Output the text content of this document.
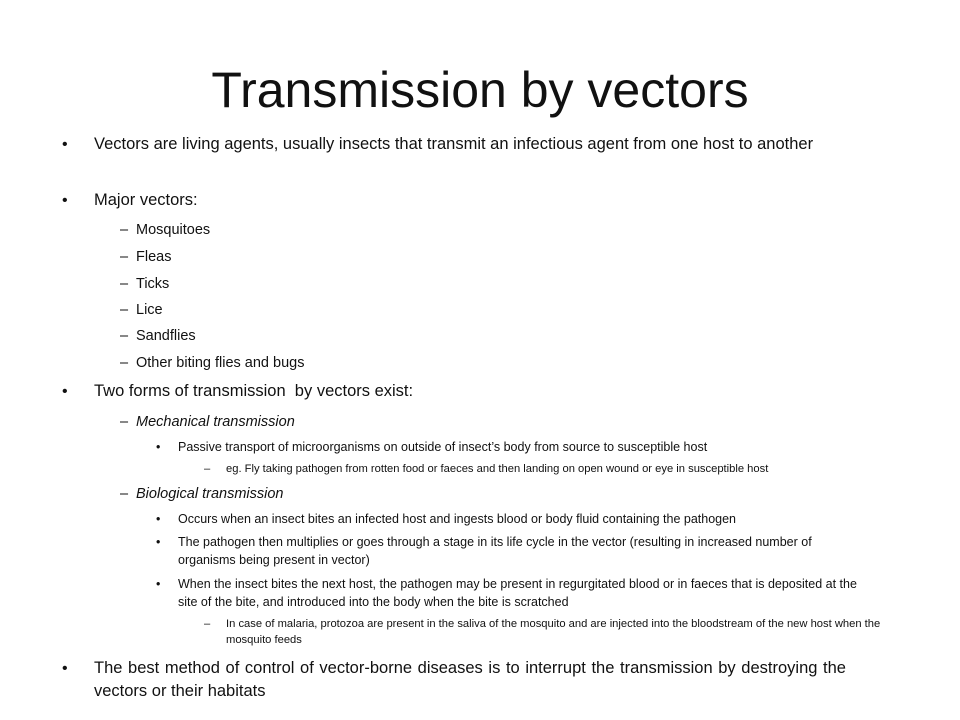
Transmission by vectors
• Vectors are living agents, usually insects that transmit an infectious agent from one host to another
• Major vectors:
– Mosquitoes
– Fleas
– Ticks
– Lice
– Sandflies
– Other biting flies and bugs
• Two forms of transmission  by vectors exist:
– Mechanical transmission
• Passive transport of microorganisms on outside of insect’s body from source to susceptible host
– eg. Fly taking pathogen from rotten food or faeces and then landing on open wound or eye in susceptible host
– Biological transmission
• Occurs when an insect bites an infected host and ingests blood or body fluid containing the pathogen
• The pathogen then multiplies or goes through a stage in its life cycle in the vector (resulting in increased number of organisms being present in vector)
• When the insect bites the next host, the pathogen may be present in regurgitated blood or in faeces that is deposited at the site of the bite, and introduced into the body when the bite is scratched
– In case of malaria, protozoa are present in the saliva of the mosquito and are injected into the bloodstream of the new host when the mosquito feeds
• The best method of control of vector-borne diseases is to interrupt the transmission by destroying the vectors or their habitats
